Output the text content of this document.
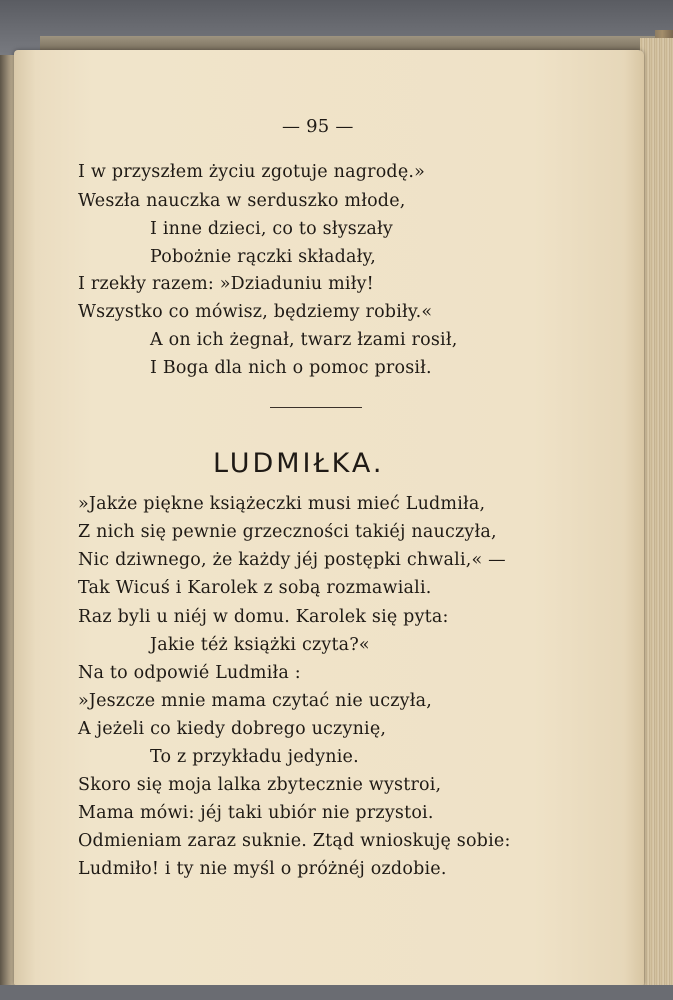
— 95 —
I w przyszłem życiu zgotuje nagrodę.»
Weszła nauczka w serduszko młode,
I inne dzieci, co to słyszały
Pobożnie rączki składały,
I rzekły razem: »Dziaduniu miły!
Wszystko co mówisz, będziemy robiły.«
A on ich żegnał, twarz łzami rosił,
I Boga dla nich o pomoc prosił.
LUDMIŁKA.
»Jakże piękne książeczki musi mieć Ludmiła,
Z nich się pewnie grzeczności takiéj nauczyła,
Nic dziwnego, że każdy jéj postępki chwali,« —
Tak Wicuś i Karolek z sobą rozmawiali.
Raz byli u niéj w domu. Karolek się pyta:
Jakie téż książki czyta?«
Na to odpowié Ludmiła :
»Jeszcze mnie mama czytać nie uczyła,
A jeżeli co kiedy dobrego uczynię,
To z przykładu jedynie.
Skoro się moja lalka zbytecznie wystroi,
Mama mówi: jéj taki ubiór nie przystoi.
Odmieniam zaraz suknie. Ztąd wnioskuję sobie:
Ludmiło! i ty nie myśl o próżnéj ozdobie.
